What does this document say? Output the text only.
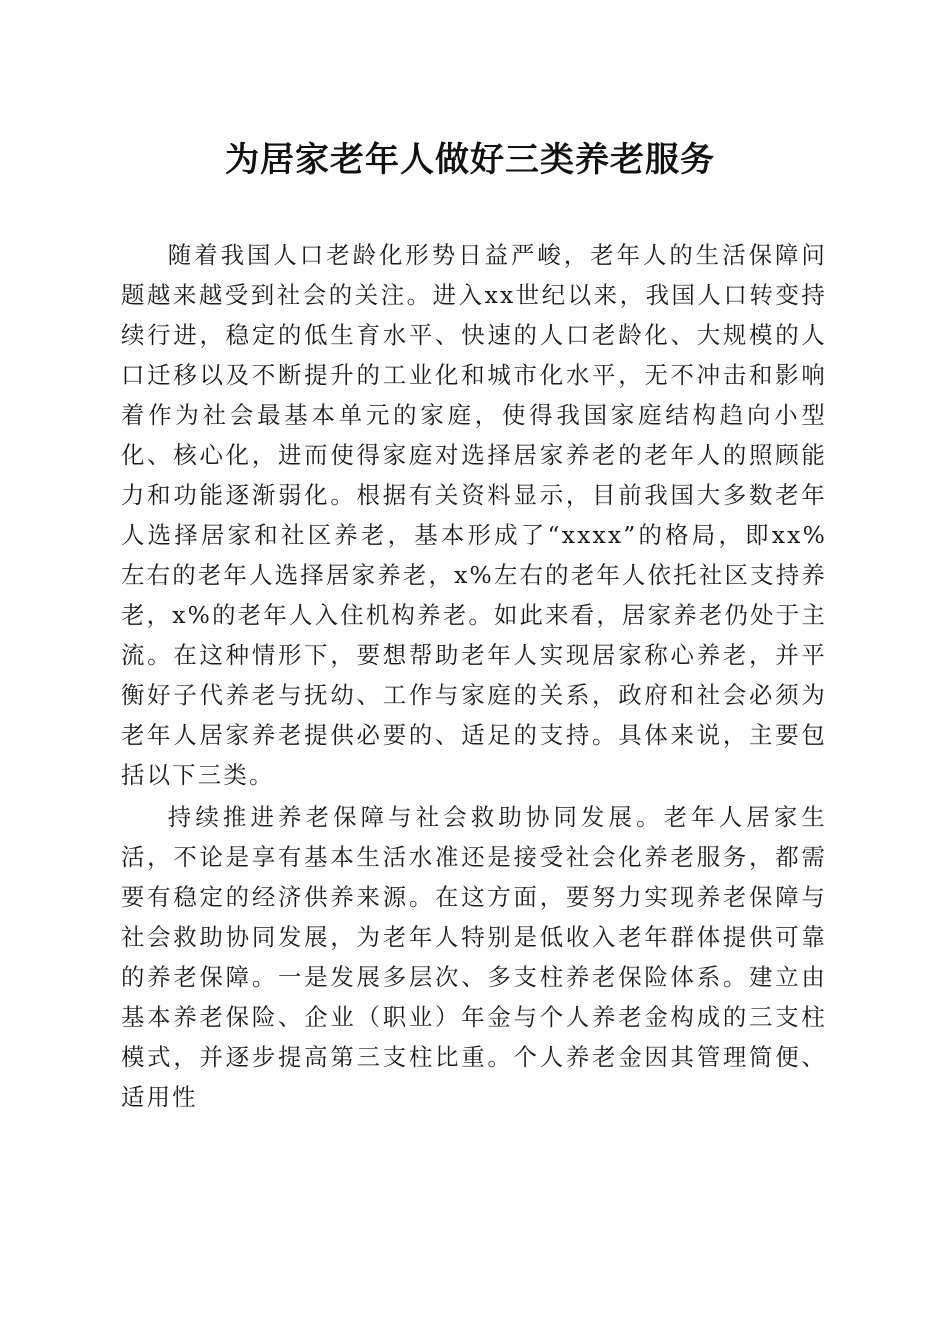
为居家老年人做好三类养老服务

随着我国人口老龄化形势日益严峻，老年人的生活保障问题越来越受到社会的关注。进入xx世纪以来，我国人口转变持续行进，稳定的低生育水平、快速的人口老龄化、大规模的人口迁移以及不断提升的工业化和城市化水平，无不冲击和影响着作为社会最基本单元的家庭，使得我国家庭结构趋向小型化、核心化，进而使得家庭对选择居家养老的老年人的照顾能力和功能逐渐弱化。根据有关资料显示，目前我国大多数老年人选择居家和社区养老，基本形成了“xxxx”的格局，即xx%左右的老年人选择居家养老，x%左右的老年人依托社区支持养老，x%的老年人入住机构养老。如此来看，居家养老仍处于主流。在这种情形下，要想帮助老年人实现居家称心养老，并平衡好子代养老与抚幼、工作与家庭的关系，政府和社会必须为老年人居家养老提供必要的、适足的支持。具体来说，主要包括以下三类。

持续推进养老保障与社会救助协同发展。老年人居家生活，不论是享有基本生活水准还是接受社会化养老服务，都需要有稳定的经济供养来源。在这方面，要努力实现养老保障与社会救助协同发展，为老年人特别是低收入老年群体提供可靠的养老保障。一是发展多层次、多支柱养老保险体系。建立由基本养老保险、企业（职业）年金与个人养老金构成的三支柱模式，并逐步提高第三支柱比重。个人养老金因其管理简便、适用性
